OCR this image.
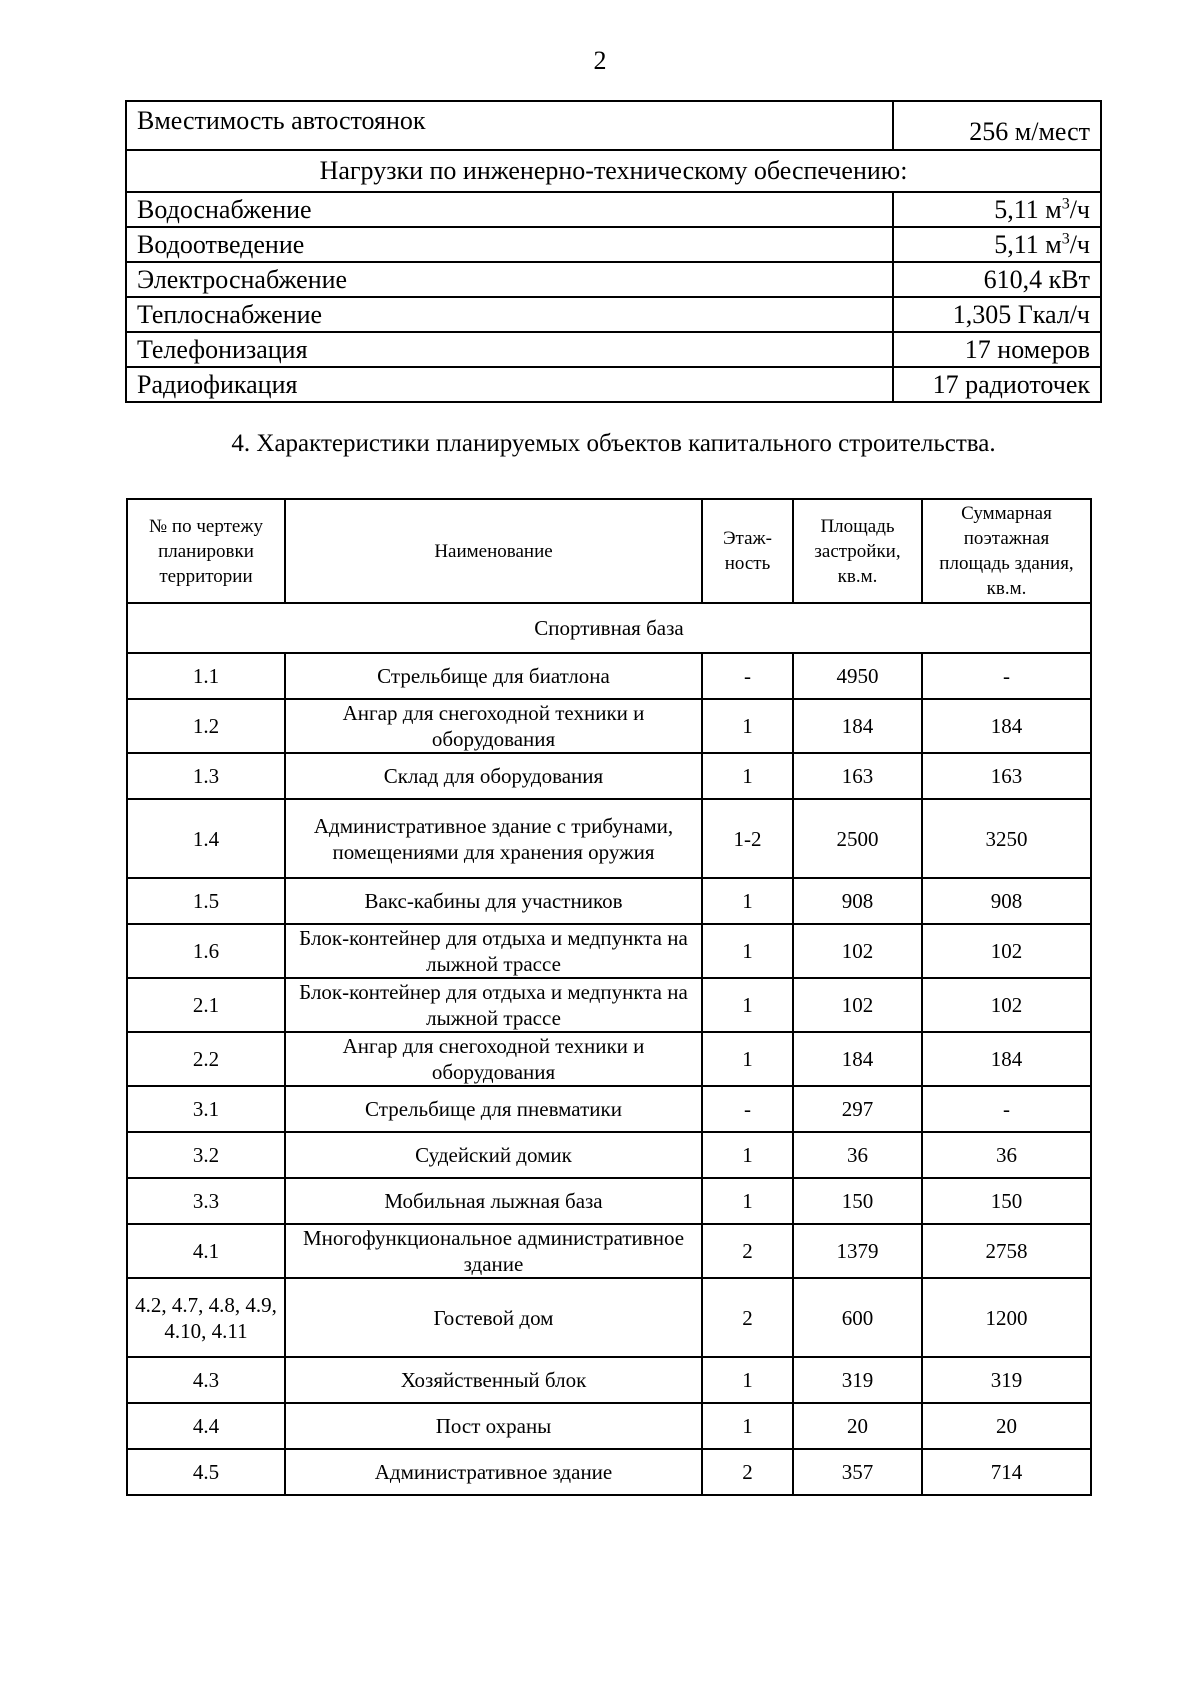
2
Вместимость автостоянок	256 м/мест
Нагрузки по инженерно-техническому обеспечению:	
Водоснабжение	5,11 $м^3/ч$
Водоотведение	5,11 $м^3/ч$
Электроснабжение	610,4 кВт
Теплоснабжение	1,305 Гкал/ч
Телефонизация	17 номеров
Радиофикация	17 радиоточек
4. Характеристики планируемых объектов капитального строительства.
№ по чертежу планировки территории	Наименование	Этаж-ность	Площадь застройки, кв.м.	Суммарная поэтажная площадь здания, кв.м.
Спортивная база				
1.1	Стрельбище для биатлона	-	4950	-
1.2	Ангар для снегоходной техники и оборудования	1	184	184
1.3	Склад для оборудования	1	163	163
1.4	Административное здание с трибунами, помещениями для хранения оружия	1-2	2500	3250
1.5	Вакс-кабины для участников	1	908	908
1.6	Блок-контейнер для отдыха и медпункта на лыжной трассе	1	102	102
2.1	Блок-контейнер для отдыха и медпункта на лыжной трассе	1	102	102
2.2	Ангар для снегоходной техники и оборудования	1	184	184
3.1	Стрельбище для пневматики	-	297	-
3.2	Судейский домик	1	36	36
3.3	Мобильная лыжная база	1	150	150
4.1	Многофункциональное административное здание	2	1379	2758
4.2, 4.7, 4.8, 4.9, 4.10, 4.11	Гостевой дом	2	600	1200
4.3	Хозяйственный блок	1	319	319
4.4	Пост охраны	1	20	20
4.5	Административное здание	2	357	714
